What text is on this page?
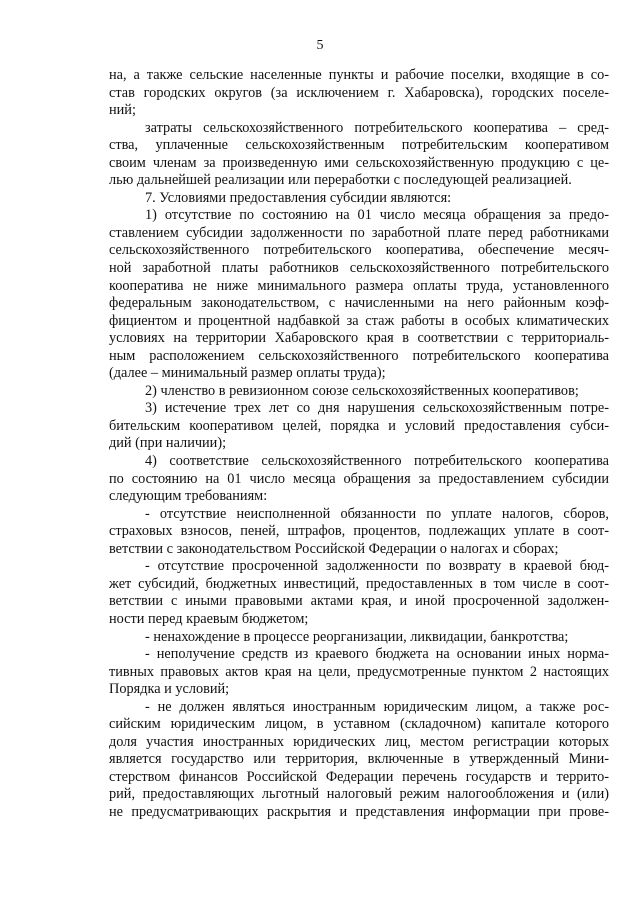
5
на, а также сельские населенные пункты и рабочие поселки, входящие в со-
став городских округов (за исключением г. Хабаровска), городских поселе-
ний;
затраты сельскохозяйственного потребительского кооператива – сред-
ства, уплаченные сельскохозяйственным потребительским кооперативом
своим членам за произведенную ими сельскохозяйственную продукцию с це-
лью дальнейшей реализации или переработки с последующей реализацией.
7. Условиями предоставления субсидии являются:
1) отсутствие по состоянию на 01 число месяца обращения за предо-
ставлением субсидии задолженности по заработной плате перед работниками
сельскохозяйственного потребительского кооператива, обеспечение месяч-
ной заработной платы работников сельскохозяйственного потребительского
кооператива не ниже минимального размера оплаты труда, установленного
федеральным законодательством, с начисленными на него районным коэф-
фициентом и процентной надбавкой за стаж работы в особых климатических
условиях на территории Хабаровского края в соответствии с территориаль-
ным расположением сельскохозяйственного потребительского кооператива
(далее – минимальный размер оплаты труда);
2) членство в ревизионном союзе сельскохозяйственных кооперативов;
3) истечение трех лет со дня нарушения сельскохозяйственным потре-
бительским кооперативом целей, порядка и условий предоставления субси-
дий (при наличии);
4) соответствие сельскохозяйственного потребительского кооператива
по состоянию на 01 число месяца обращения за предоставлением субсидии
следующим требованиям:
- отсутствие неисполненной обязанности по уплате налогов, сборов,
страховых взносов, пеней, штрафов, процентов, подлежащих уплате в соот-
ветствии с законодательством Российской Федерации о налогах и сборах;
- отсутствие просроченной задолженности по возврату в краевой бюд-
жет субсидий, бюджетных инвестиций, предоставленных в том числе в соот-
ветствии с иными правовыми актами края, и иной просроченной задолжен-
ности перед краевым бюджетом;
- ненахождение в процессе реорганизации, ликвидации, банкротства;
- неполучение средств из краевого бюджета на основании иных норма-
тивных правовых актов края на цели, предусмотренные пунктом 2 настоящих
Порядка и условий;
- не должен являться иностранным юридическим лицом, а также рос-
сийским юридическим лицом, в уставном (складочном) капитале которого
доля участия иностранных юридических лиц, местом регистрации которых
является государство или территория, включенные в утвержденный Мини-
стерством финансов Российской Федерации перечень государств и террито-
рий, предоставляющих льготный налоговый режим налогообложения и (или)
не предусматривающих раскрытия и представления информации при прове-
